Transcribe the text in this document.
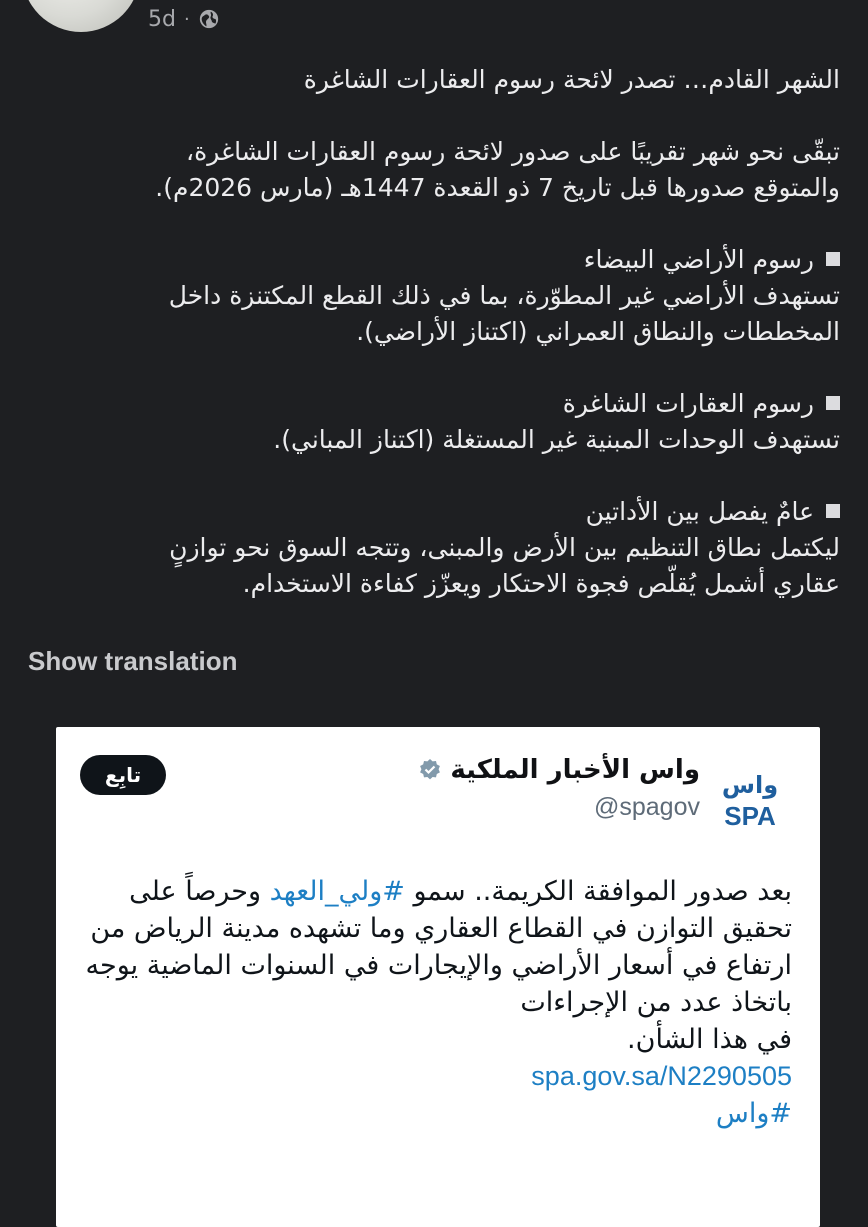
5d ·

الشهر القادم… تصدر لائحة رسوم العقارات الشاغرة

تبقّى نحو شهر تقريبًا على صدور لائحة رسوم العقارات الشاغرة،

والمتوقع صدورها قبل تاريخ 7 ذو القعدة 1447هـ (مارس 2026م).

رسوم الأراضي البيضاء

تستهدف الأراضي غير المطوّرة، بما في ذلك القطع المكتنزة داخل

المخططات والنطاق العمراني (اكتناز الأراضي).

رسوم العقارات الشاغرة

تستهدف الوحدات المبنية غير المستغلة (اكتناز المباني).

عامٌ يفصل بين الأداتين

ليكتمل نطاق التنظيم بين الأرض والمبنى، وتتجه السوق نحو توازنٍ

عقاري أشمل يُقلّص فجوة الاحتكار ويعزّز كفاءة الاستخدام.

Show translation
واس
SPA
واس الأخبار الملكية
@spagov
تابِع

بعد صدور الموافقة الكريمة.. سمو #ولي_العهد وحرصاً على

تحقيق التوازن في القطاع العقاري وما تشهده مدينة الرياض من

ارتفاع في أسعار الأراضي والإيجارات في السنوات الماضية يوجه

باتخاذ عدد من الإجراءات

في هذا الشأن.

spa.gov.sa/N2290505

#واس
